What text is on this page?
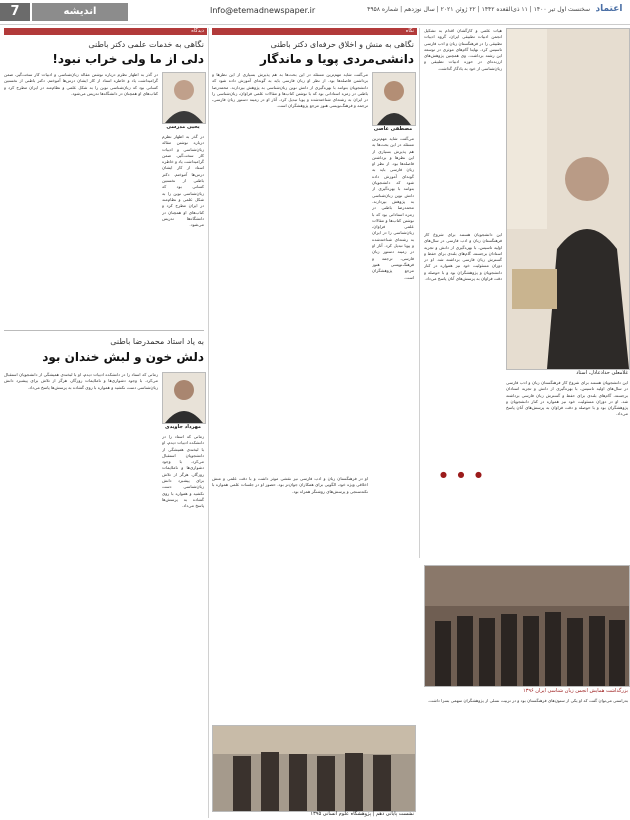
7	اندیشه	Info@etemadnewspaper.ir	سخنست اول تیر ۱۴۰۰ | ۱۱ ذی‌القعده ۱۴۴۲ | ۲۲ ژوئن ۲۰۲۱ | سال نوزدهم | شماره ۴۹۵۸ اعتماد
هیات علمی و کارگشان اقدام به تشکیل انجمن ادبیات تطبیقی ایران، گروه ادبیات تطبیقی را در فرهنگستان زبان و ادب فارسی تاسیس کرد. نهایتا گام‌های موثری در توسعه این رشته برداشت. وی همچنین پژوهش‌های ارزنده‌ای در حوزه ادبیات تطبیقی و زبان‌شناسی از خود به یادگار گذاشت.
غلامعلی حدادعادل، استاد
این دانشجویان هستند برای شروع کار فرهنگستان زبان و ادب فارسی در سال‌های اولیه تاسیس، با بهره‌گیری از دانش و تجربه استادان برجسته، گام‌های بلندی برای حفظ و گسترش زبان فارسی برداشته شد. او در دوران مسئولیت خود نیز همواره در کنار دانشجویان و پژوهشگران بود و با حوصله و دقت فراوان به پرسش‌های آنان پاسخ می‌داد.
این دانشجویان هستند برای شروع کار فرهنگستان زبان و ادب فارسی در سال‌های اولیه تاسیس، با بهره‌گیری از دانش و تجربه استادان برجسته، گام‌های بلندی برای حفظ و گسترش زبان فارسی برداشته شد. او در دوران مسئولیت خود نیز همواره در کنار دانشجویان و پژوهشگران بود و با حوصله و دقت فراوان به پرسش‌های آنان پاسخ می‌داد.
● ● ●
بزرگداشت همایش انجمن زبان شناسی ایران ۱۳۹۶
به‌راستی می‌توان گفت که او یکی از ستون‌های فرهنگستان بود و در تربیت نسلی از پژوهشگران سهمی بسزا داشت.
نگاه
نگاهی به منش و اخلاق حرفه‌ای دکتر باطنی
دانشی‌مردی پویا و ماندگار
مصطفی عاصی
می‌گفت شاید مهم‌ترین مسئله در این بحث‌ها به هم پذیرش بسیاری از این نظرها و برداشتن فاصله‌ها بود. از نظر او زبان فارسی باید به گونه‌ای آموزش داده شود که دانشجویان بتوانند با بهره‌گیری از دانش نوین زبان‌شناسی به پژوهش بپردازند. محمدرضا باطنی در زمره استادانی بود که با نوشتن کتاب‌ها و مقالات علمی فراوان، زبان‌شناسی را در ایران به رشته‌ای شناخته‌شده و پویا تبدیل کرد. آثار او در زمینه دستور زبان فارسی، ترجمه و فرهنگ‌نویسی هنوز مرجع پژوهشگران است.
می‌گفت شاید مهم‌ترین مسئله در این بحث‌ها به هم پذیرش بسیاری از این نظرها و برداشتن فاصله‌ها بود. از نظر او زبان فارسی باید به گونه‌ای آموزش داده شود که دانشجویان بتوانند با بهره‌گیری از دانش نوین زبان‌شناسی به پژوهش بپردازند. محمدرضا باطنی در زمره استادانی بود که با نوشتن کتاب‌ها و مقالات علمی فراوان، زبان‌شناسی را در ایران به رشته‌ای شناخته‌شده و پویا تبدیل کرد. آثار او در زمینه دستور زبان فارسی، ترجمه و فرهنگ‌نویسی هنوز مرجع پژوهشگران است.
او در فرهنگستان زبان و ادب فارسی نیز نقشی موثر داشت و با دقت علمی و منش اخلاقی ویژه خود، الگویی برای همکاران جوان‌تر بود. حضور او در جلسات علمی همواره با نکته‌سنجی و پرسش‌های روشنگر همراه بود.
نشست پایانی دهم | پژوهشگاه علوم انسانی ۱۳۹۵
دیدگاه
نگاهی به خدمات علمی دکتر باطنی
دلی از ما ولی خراب نبود!
یحیی مدرسی
در گذر به اظهار نظرم درباره نوشتن مقاله زبان‌شناسی و ادبیات کار سخت‌گیر، ضمن گرامیداشت یاد و خاطره استاد از کار ایشان درس‌ها آموختم. دکتر باطنی از نخستین کسانی بود که زبان‌شناسی نوین را به شکل علمی و نظام‌مند در ایران مطرح کرد و کتاب‌های او همچنان در دانشگاه‌ها تدریس می‌شود.
در گذر به اظهار نظرم درباره نوشتن مقاله زبان‌شناسی و ادبیات کار سخت‌گیر، ضمن گرامیداشت یاد و خاطره استاد از کار ایشان درس‌ها آموختم. دکتر باطنی از نخستین کسانی بود که زبان‌شناسی نوین را به شکل علمی و نظام‌مند در ایران مطرح کرد و کتاب‌های او همچنان در دانشگاه‌ها تدریس می‌شود.
به یاد استاد محمدرضا باطنی
دلش خون و لبش خندان بود
مهرداد جاویدی
زمانی که استاد را در دانشکده ادبیات دیدم، او با لبخندی همیشگی از دانشجویان استقبال می‌کرد. با وجود دشواری‌ها و ناملایمات روزگار، هرگز از تلاش برای پیشبرد دانش زبان‌شناسی دست نکشید و همواره با روی گشاده به پرسش‌ها پاسخ می‌داد.
زمانی که استاد را در دانشکده ادبیات دیدم، او با لبخندی همیشگی از دانشجویان استقبال می‌کرد. با وجود دشواری‌ها و ناملایمات روزگار، هرگز از تلاش برای پیشبرد دانش زبان‌شناسی دست نکشید و همواره با روی گشاده به پرسش‌ها پاسخ می‌داد.
